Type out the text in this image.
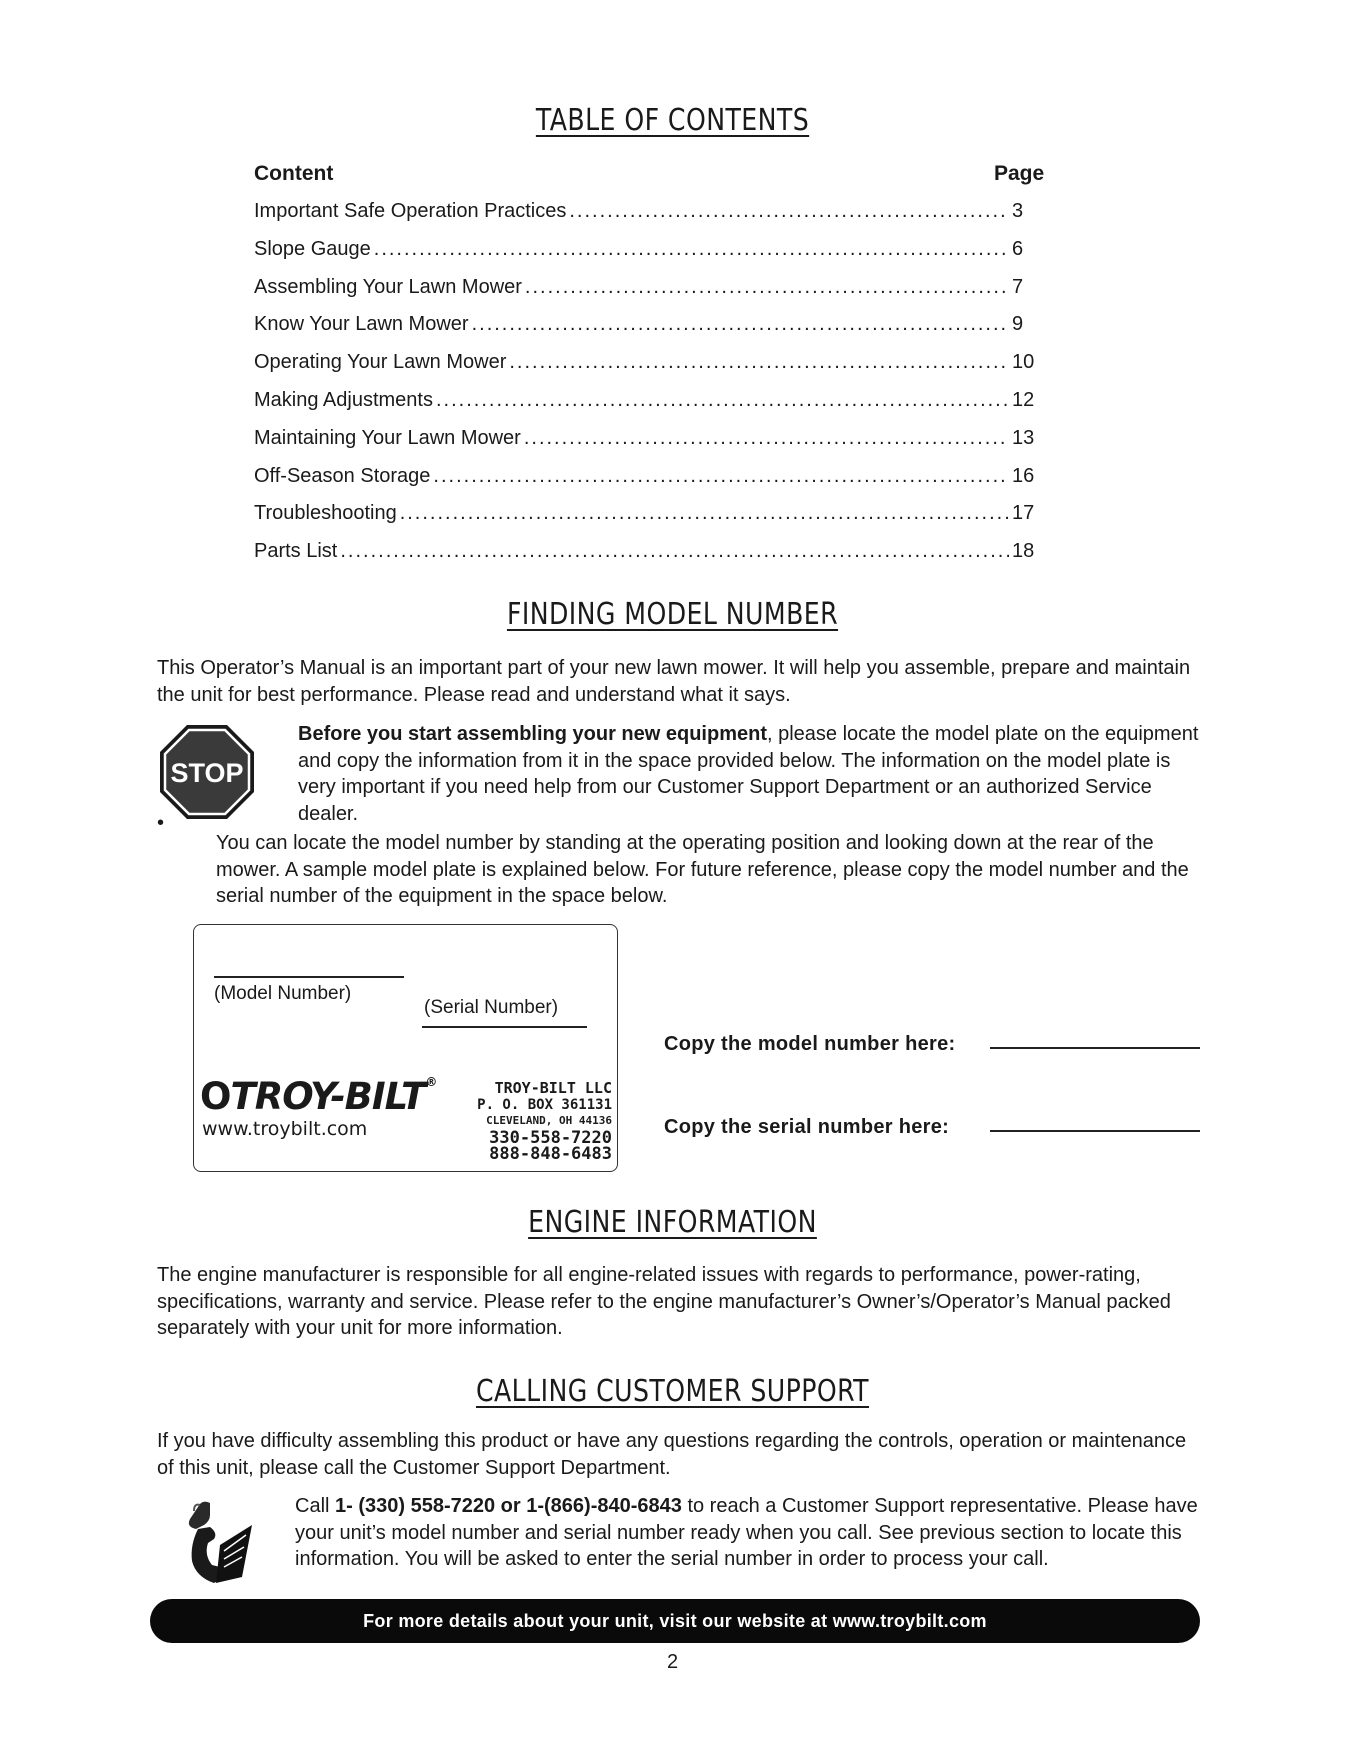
TABLE OF CONTENTS
Content	Page
Important Safe Operation Practices .....	3
Slope Gauge .....	6
Assembling Your Lawn Mower .....	7
Know Your Lawn Mower .....	9
Operating Your Lawn Mower .....	10
Making Adjustments .....	12
Maintaining Your Lawn Mower .....	13
Off-Season Storage .....	16
Troubleshooting .....	17
Parts List .....	18
FINDING MODEL NUMBER
This Operator’s Manual is an important part of your new lawn mower. It will help you assemble, prepare and maintain the unit for best performance. Please read and understand what it says.
STOP
Before you start assembling your new equipment, please locate the model plate on the equipment and copy the information from it in the space provided below. The information on the model plate is very important if you need help from our Customer Support Department or an authorized Service dealer.
•
You can locate the model number by standing at the operating position and looking down at the rear of the mower. A sample model plate is explained below. For future reference, please copy the model number and the serial number of the equipment in the space below.
(Model Number)
(Serial Number)
OTROY-BILT®
www.troybilt.com
TROY-BILT LLC
P. O. BOX 361131
CLEVELAND, OH 44136
330-558-7220
888-848-6483
Copy the model number here:
Copy the serial number here:
ENGINE INFORMATION
The engine manufacturer is responsible for all engine-related issues with regards to performance, power-rating, specifications, warranty and service. Please refer to the engine manufacturer’s Owner’s/Operator’s Manual packed separately with your unit for more information.
CALLING CUSTOMER SUPPORT
If you have difficulty assembling this product or have any questions regarding the controls, operation or maintenance of this unit, please call the Customer Support Department.
Call 1- (330) 558-7220 or 1-(866)-840-6843 to reach a Customer Support representative. Please have your unit’s model number and serial number ready when you call. See previous section to locate this information. You will be asked to enter the serial number in order to process your call.
For more details about your unit, visit our website at www.troybilt.com
2
